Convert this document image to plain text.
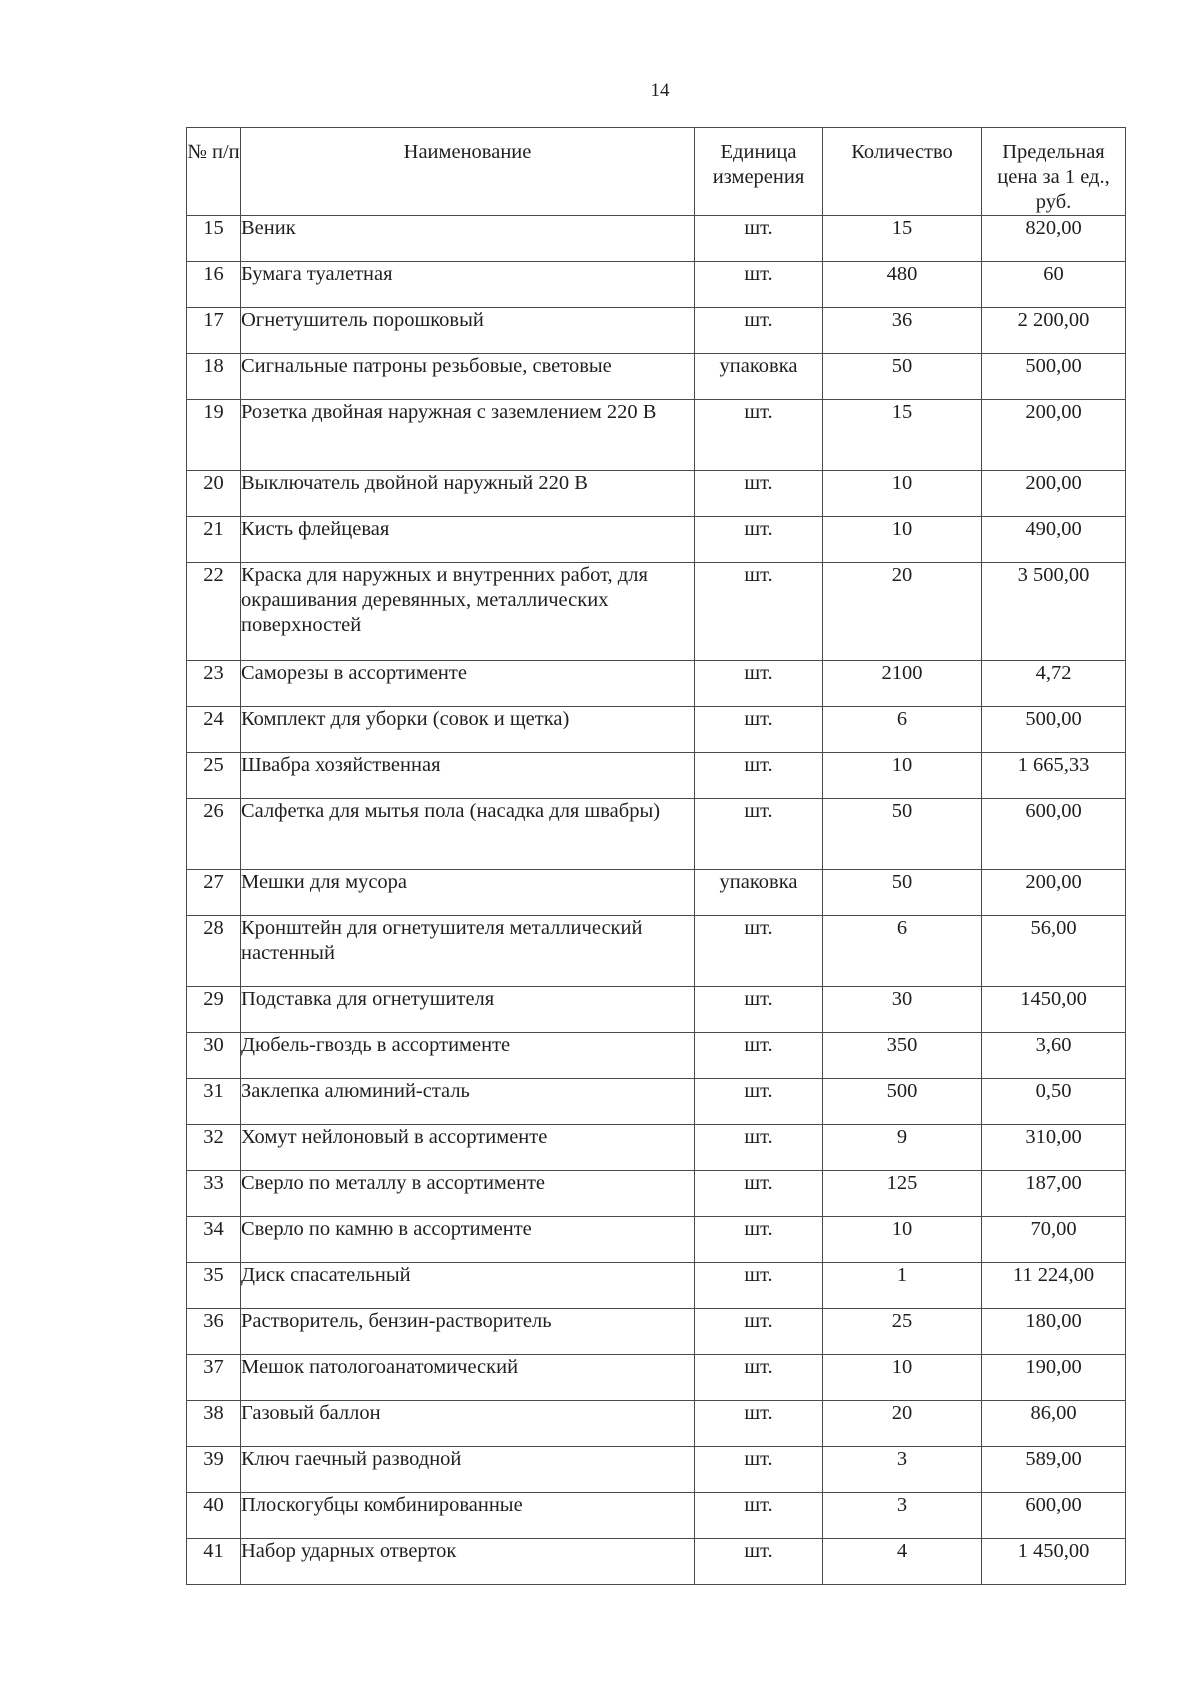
14
№ п/п	Наименование	Единица измерения	Количество	Предельная цена за 1 ед., руб.
15	Веник	шт.	15	820,00
16	Бумага туалетная	шт.	480	60
17	Огнетушитель порошковый	шт.	36	2 200,00
18	Сигнальные патроны резьбовые, световые	упаковка	50	500,00
19	Розетка двойная наружная с заземлением 220 В	шт.	15	200,00
20	Выключатель двойной наружный 220 В	шт.	10	200,00
21	Кисть флейцевая	шт.	10	490,00
22	Краска для наружных и внутренних работ, для окрашивания деревянных, металлических поверхностей	шт.	20	3 500,00
23	Саморезы в ассортименте	шт.	2100	4,72
24	Комплект для уборки (совок и щетка)	шт.	6	500,00
25	Швабра хозяйственная	шт.	10	1 665,33
26	Салфетка для мытья пола (насадка для швабры)	шт.	50	600,00
27	Мешки для мусора	упаковка	50	200,00
28	Кронштейн для огнетушителя металлический настенный	шт.	6	56,00
29	Подставка для огнетушителя	шт.	30	1450,00
30	Дюбель-гвоздь в ассортименте	шт.	350	3,60
31	Заклепка алюминий-сталь	шт.	500	0,50
32	Хомут нейлоновый в ассортименте	шт.	9	310,00
33	Сверло по металлу в ассортименте	шт.	125	187,00
34	Сверло по камню в ассортименте	шт.	10	70,00
35	Диск спасательный	шт.	1	11 224,00
36	Растворитель, бензин-растворитель	шт.	25	180,00
37	Мешок патологоанатомический	шт.	10	190,00
38	Газовый баллон	шт.	20	86,00
39	Ключ гаечный разводной	шт.	3	589,00
40	Плоскогубцы комбинированные	шт.	3	600,00
41	Набор ударных отверток	шт.	4	1 450,00
